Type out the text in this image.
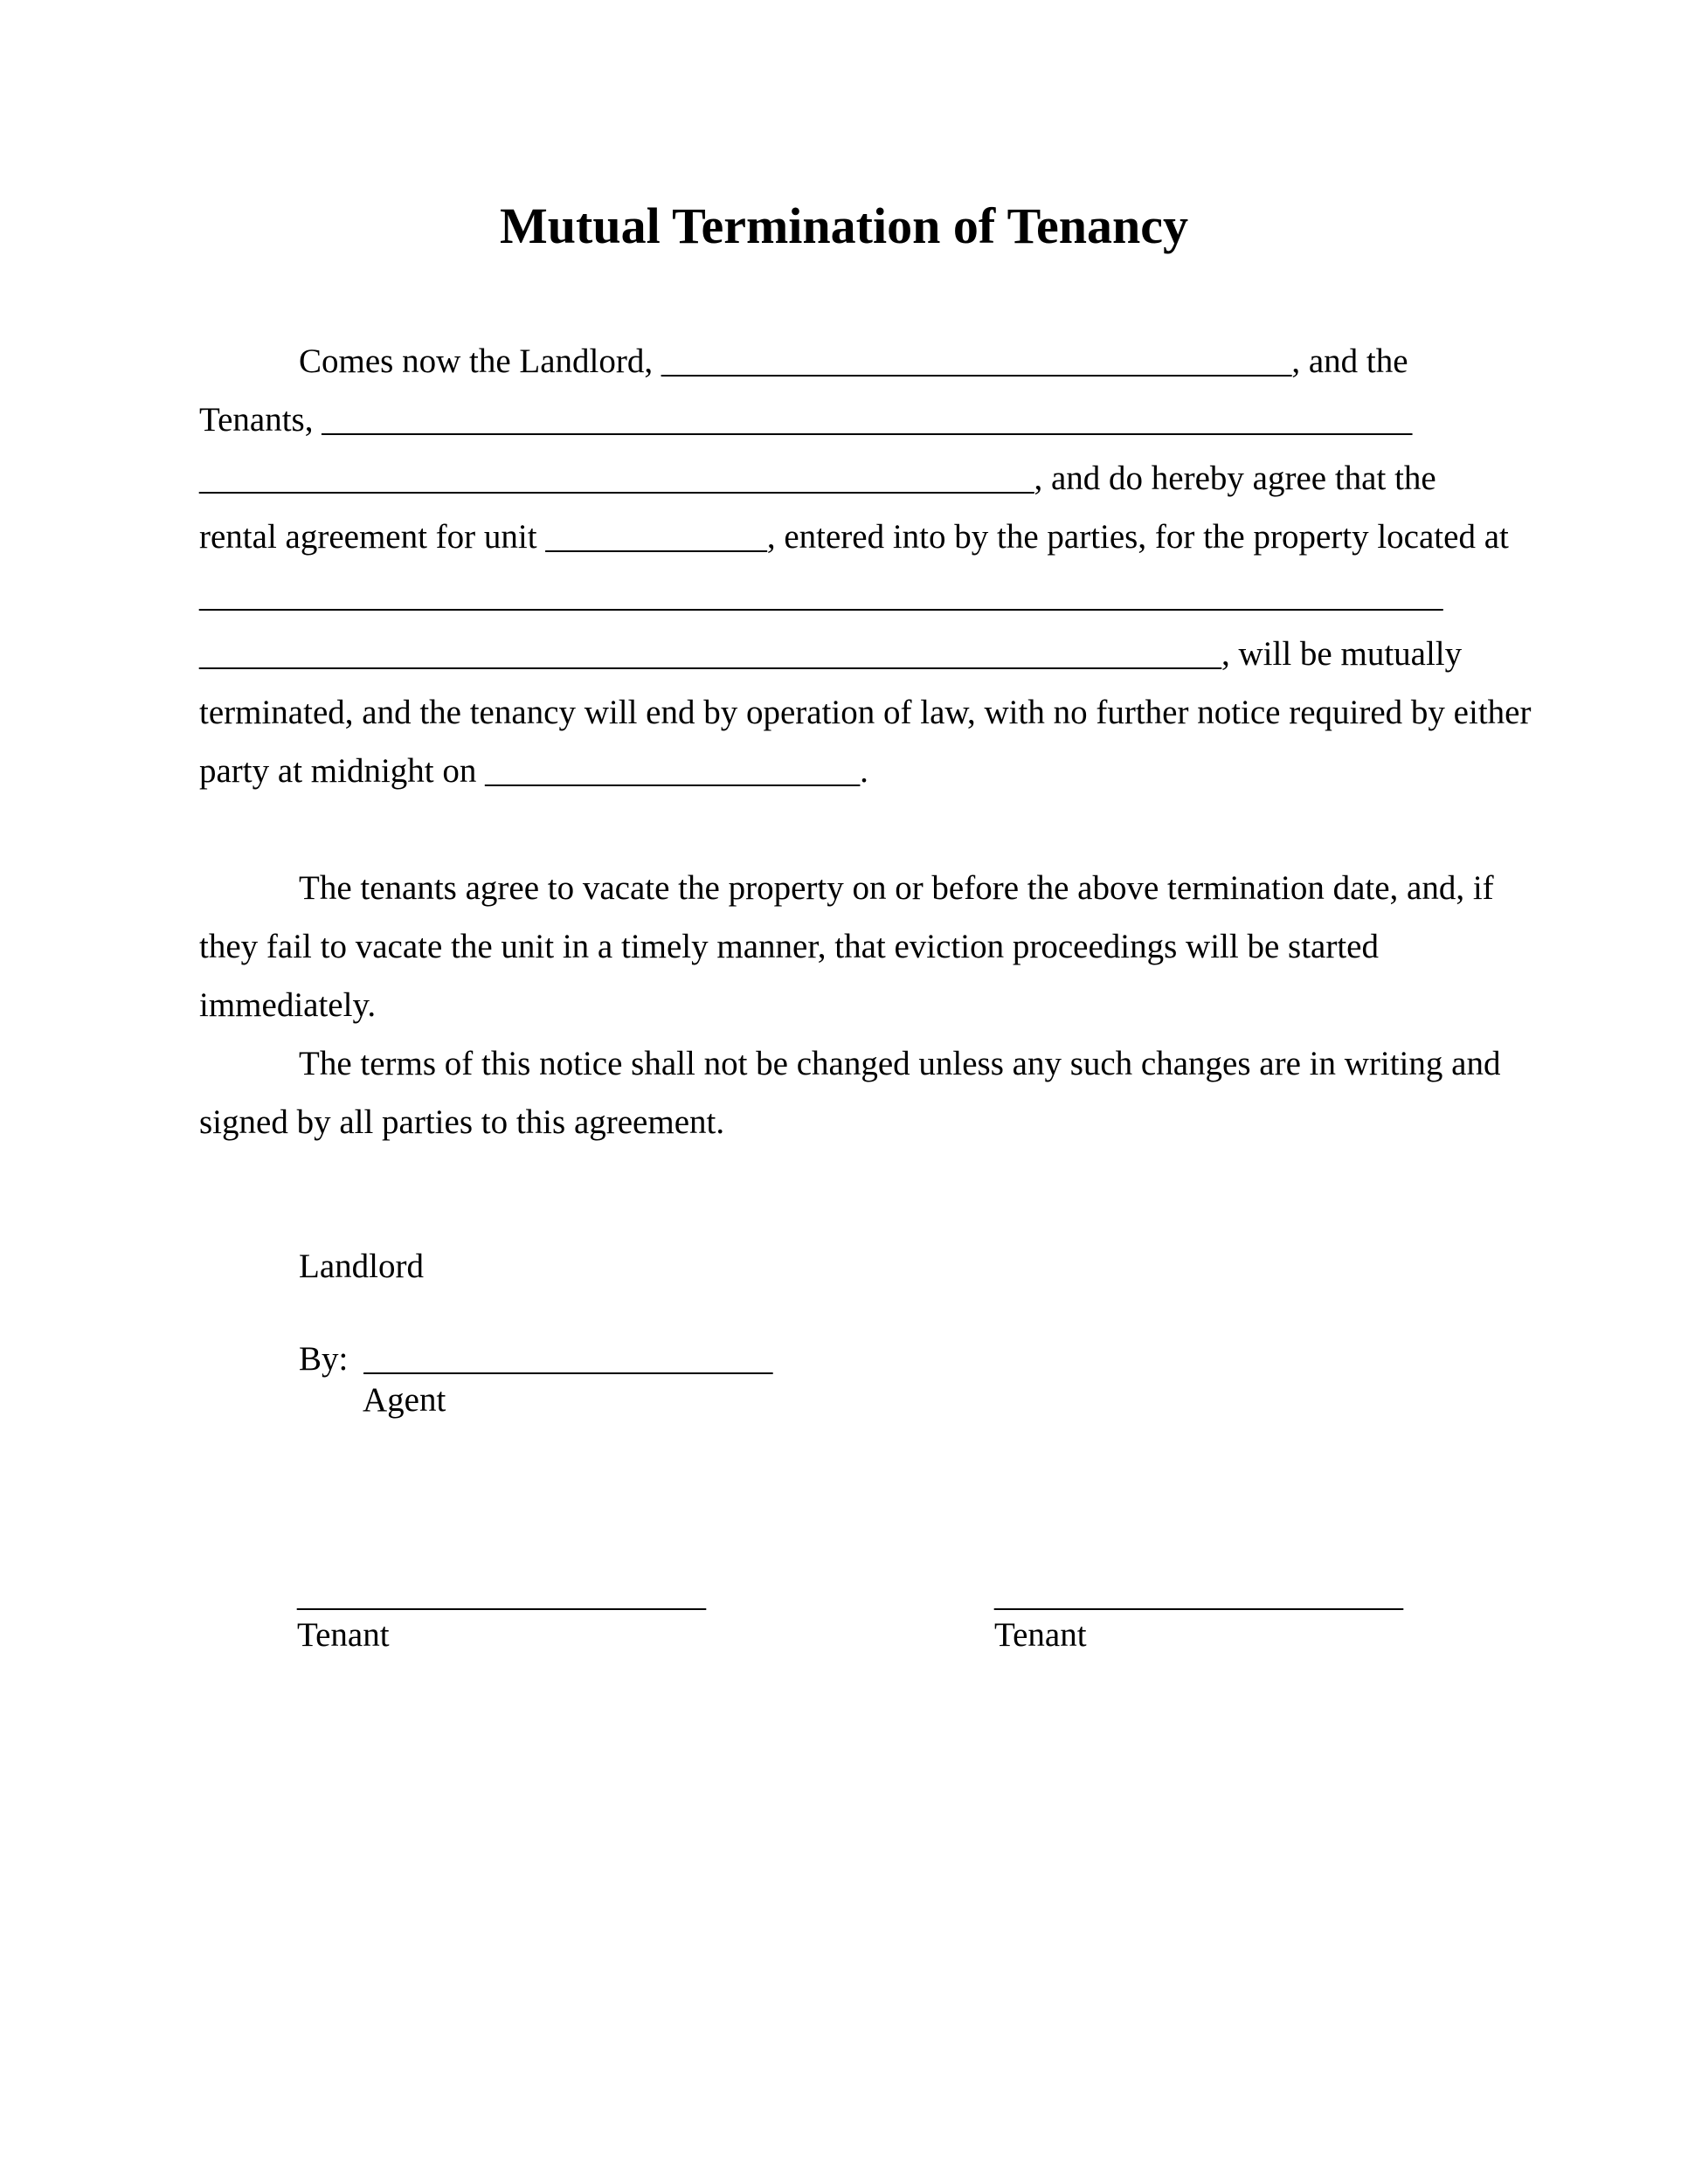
Mutual Termination of Tenancy
Comes now the Landlord, _____________________________________, and the
Tenants, ________________________________________________________________
_________________________________________________, and do hereby agree that the
rental agreement for unit _____________, entered into by the parties, for the property located at
_________________________________________________________________________
____________________________________________________________, will be mutually
terminated, and the tenancy will end by operation of law, with no further notice required by either
party at midnight on ______________________.
The tenants agree to vacate the property on or before the above termination date, and, if
they fail to vacate the unit in a timely manner, that eviction proceedings will be started
immediately.
The terms of this notice shall not be changed unless any such changes are in writing and
signed by all parties to this agreement.
Landlord
By: ________________________
Agent
________________________
Tenant
________________________
Tenant
